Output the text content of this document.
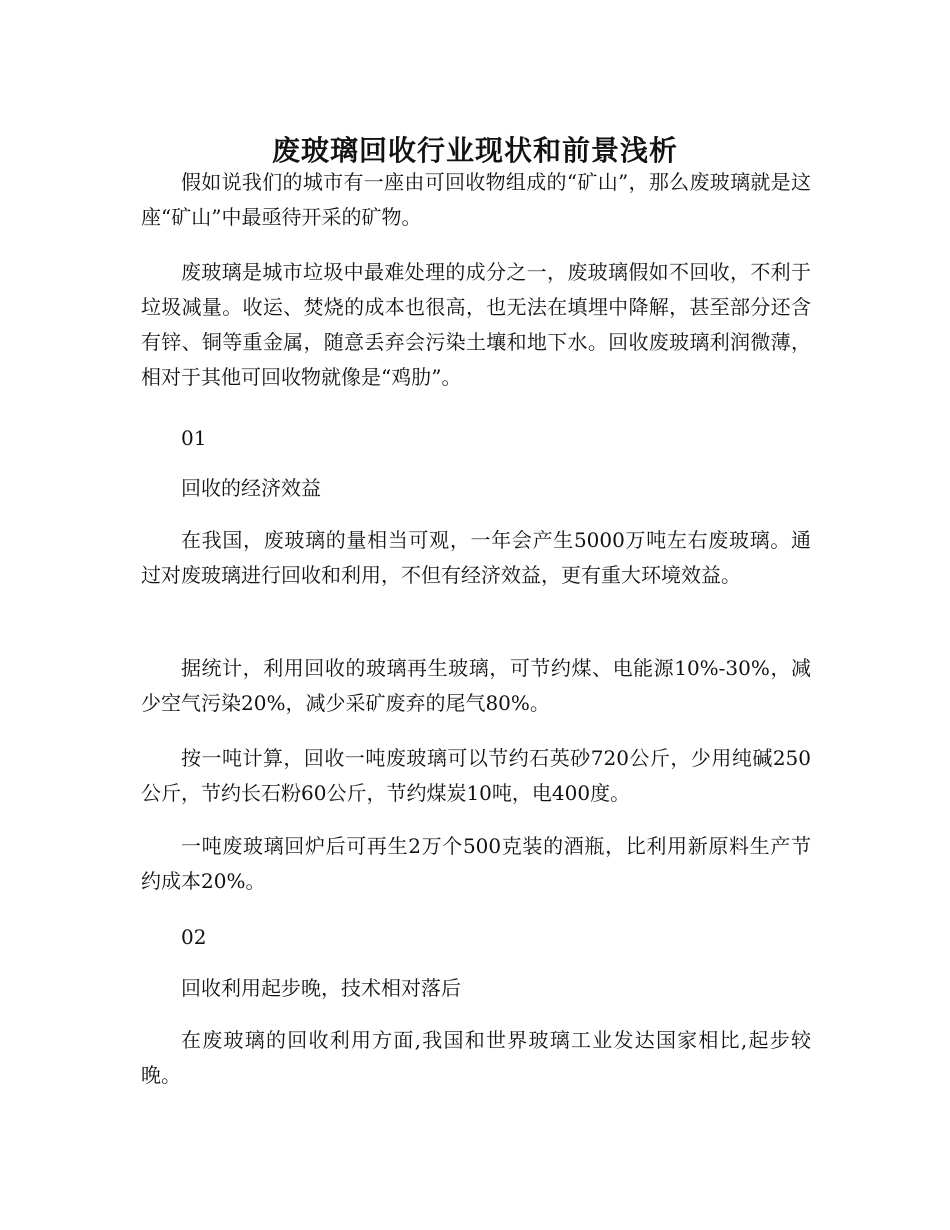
废玻璃回收行业现状和前景浅析

假如说我们的城市有一座由可回收物组成的“矿山”，那么废玻璃就是这座“矿山”中最亟待开采的矿物。

废玻璃是城市垃圾中最难处理的成分之一，废玻璃假如不回收，不利于垃圾减量。收运、焚烧的成本也很高，也无法在填埋中降解，甚至部分还含有锌、铜等重金属，随意丢弃会污染土壤和地下水。回收废玻璃利润微薄，相对于其他可回收物就像是“鸡肋”。

01

回收的经济效益

在我国，废玻璃的量相当可观，一年会产生5000万吨左右废玻璃。通过对废玻璃进行回收和利用，不但有经济效益，更有重大环境效益。

据统计，利用回收的玻璃再生玻璃，可节约煤、电能源10%-30%，减少空气污染20%，减少采矿废弃的尾气80%。

按一吨计算，回收一吨废玻璃可以节约石英砂720公斤，少用纯碱250公斤，节约长石粉60公斤，节约煤炭10吨，电400度。

一吨废玻璃回炉后可再生2万个500克装的酒瓶，比利用新原料生产节约成本20%。

02

回收利用起步晚，技术相对落后

在废玻璃的回收利用方面,我国和世界玻璃工业发达国家相比,起步较晚。
